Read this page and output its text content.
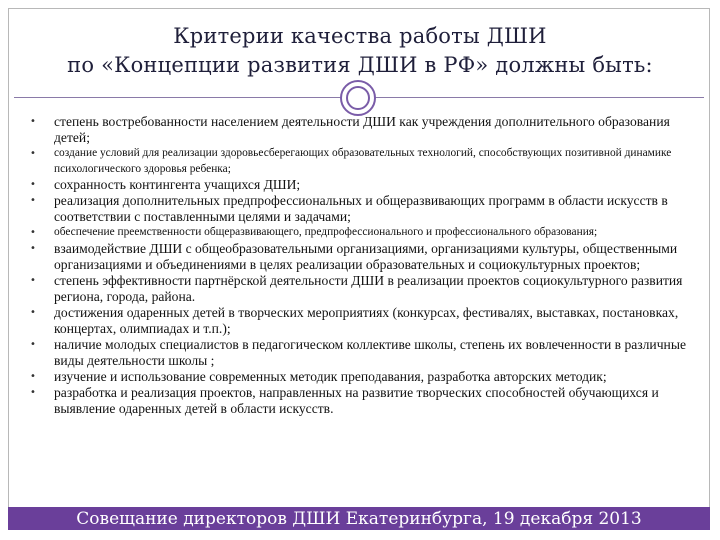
Критерии качества работы ДШИ
по «Концепции развития ДШИ в РФ» должны быть:
• степень востребованности населением деятельности ДШИ как учреждения дополнительного образования детей;
• создание условий для реализации здоровьесберегающих образовательных технологий, способствующих позитивной динамике психологического здоровья ребенка;
• сохранность контингента учащихся ДШИ;
• реализация дополнительных предпрофессиональных и общеразвивающих программ в области искусств в соответствии с поставленными целями и задачами;
• обеспечение преемственности общеразвивающего, предпрофессионального и профессионального образования;
• взаимодействие ДШИ с общеобразовательными организациями, организациями культуры, общественными организациями и объединениями в целях реализации образовательных и социокультурных проектов;
• степень эффективности партнёрской деятельности ДШИ в реализации проектов социокультурного развития региона, города, района.
• достижения одаренных детей в творческих мероприятиях (конкурсах, фестивалях, выставках, постановках, концертах, олимпиадах и т.п.);
• наличие молодых специалистов в педагогическом коллективе школы, степень их вовлеченности в различные виды деятельности школы ;
• изучение и использование современных методик преподавания, разработка авторских методик;
• разработка и реализация проектов, направленных на развитие творческих способностей обучающихся и выявление одаренных детей в области искусств.
Совещание директоров ДШИ Екатеринбурга, 19 декабря 2013
